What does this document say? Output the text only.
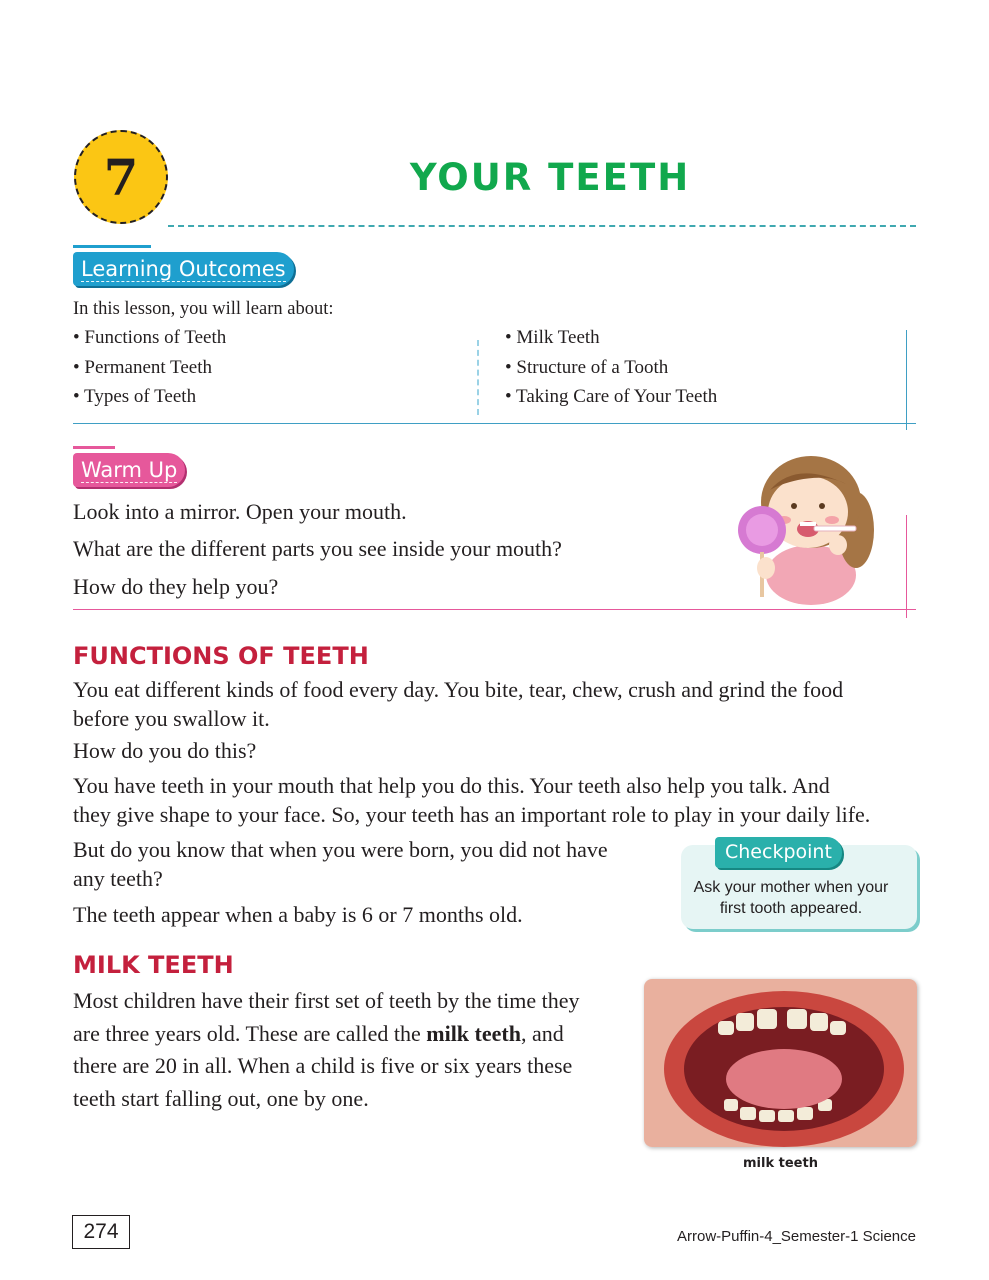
7	YOUR TEETH
Learning Outcomes
In this lesson, you will learn about:
• Functions of Teeth
• Permanent Teeth
• Types of Teeth
• Milk Teeth
• Structure of a Tooth
• Taking Care of Your Teeth
Warm Up
Look into a mirror. Open your mouth.
What are the different parts you see inside your mouth?
How do they help you?
FUNCTIONS OF TEETH
You eat different kinds of food every day. You bite, tear, chew, crush and grind the food
before you swallow it.
How do you do this?
You have teeth in your mouth that help you do this. Your teeth also help you talk. And
they give shape to your face. So, your teeth has an important role to play in your daily life.
But do you know that when you were born, you did not have
any teeth?
The teeth appear when a baby is 6 or 7 months old.
Checkpoint
Ask your mother when your
first tooth appeared.
MILK TEETH
Most children have their first set of teeth by the time they
are three years old. These are called the milk teeth, and
there are 20 in all. When a child is five or six years these
teeth start falling out, one by one.
milk teeth
274	Arrow-Puffin-4_Semester-1 Science
